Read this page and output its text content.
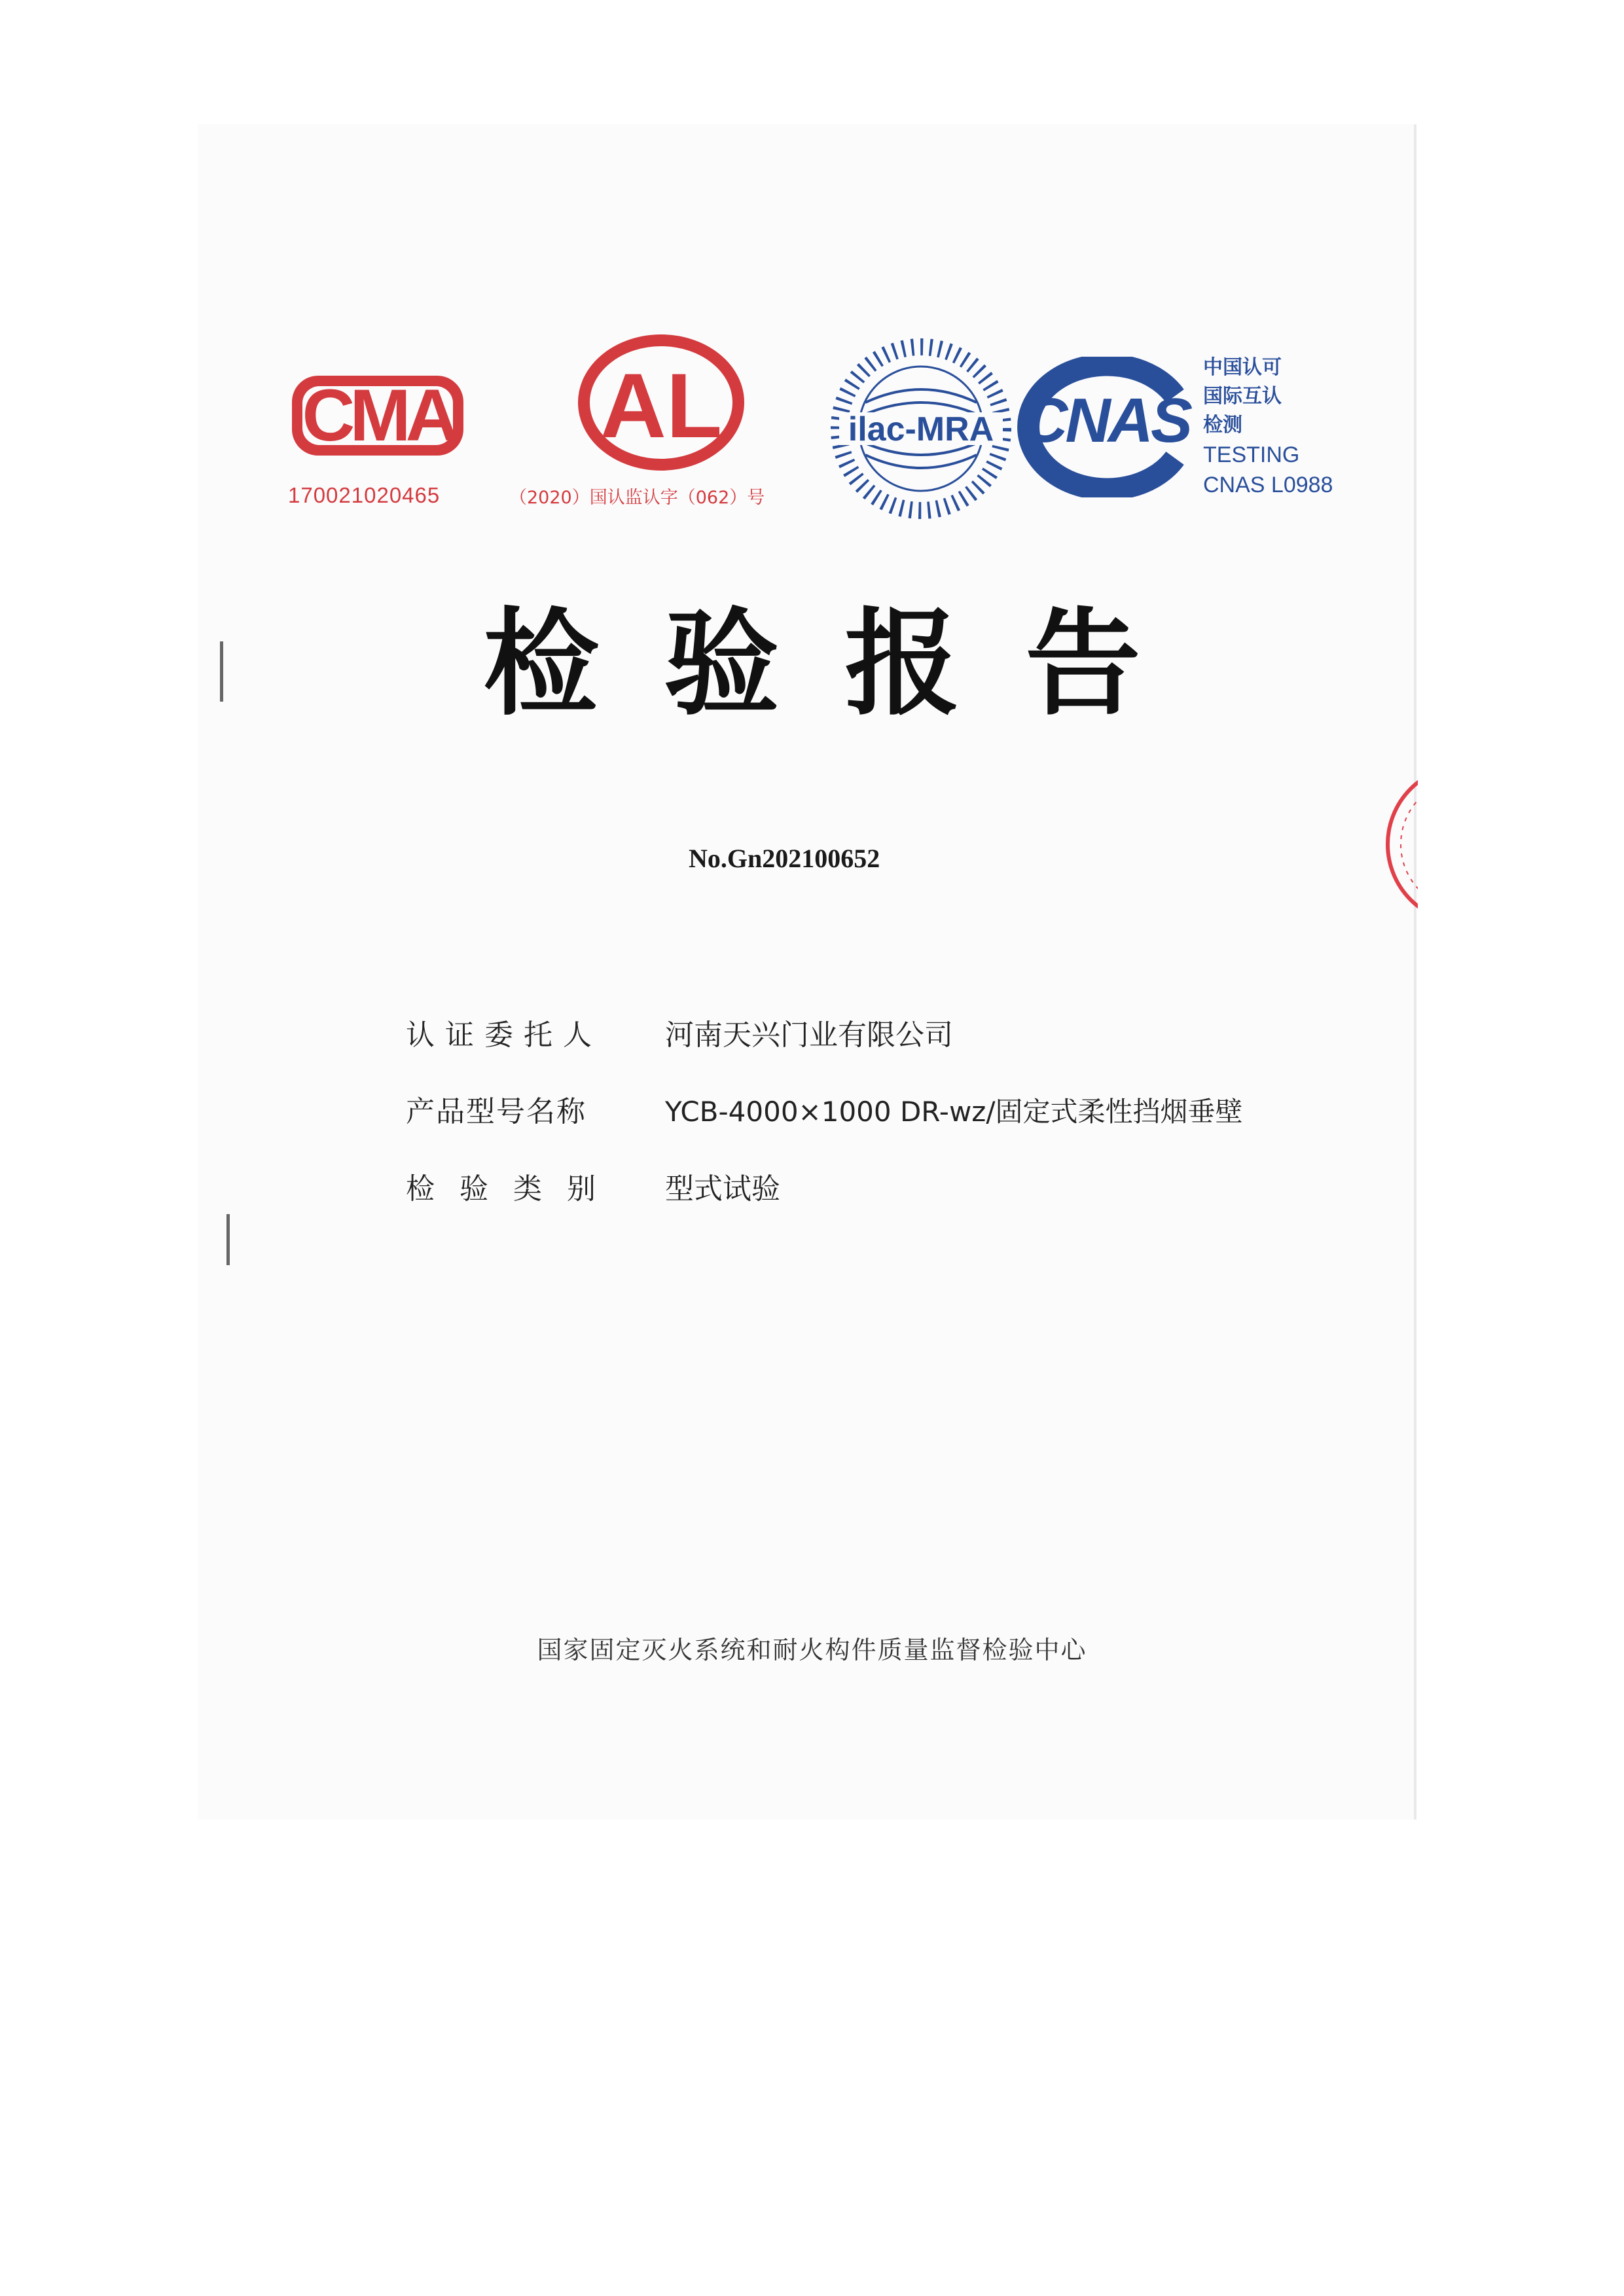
CMA
170021020465
AL
（2020）国认监认字（062）号
ilac-MRA CNAS
中国认可
国际互认
检测
TESTING
CNAS L0988
检验报告
No.Gn202100652
认证委托人 河南天兴门业有限公司
产品型号名称	YCB-4000×1000 DR-wz/固定式柔性挡烟垂壁
检验类别 型式试验
国家固定灭火系统和耐火构件质量监督检验中心
